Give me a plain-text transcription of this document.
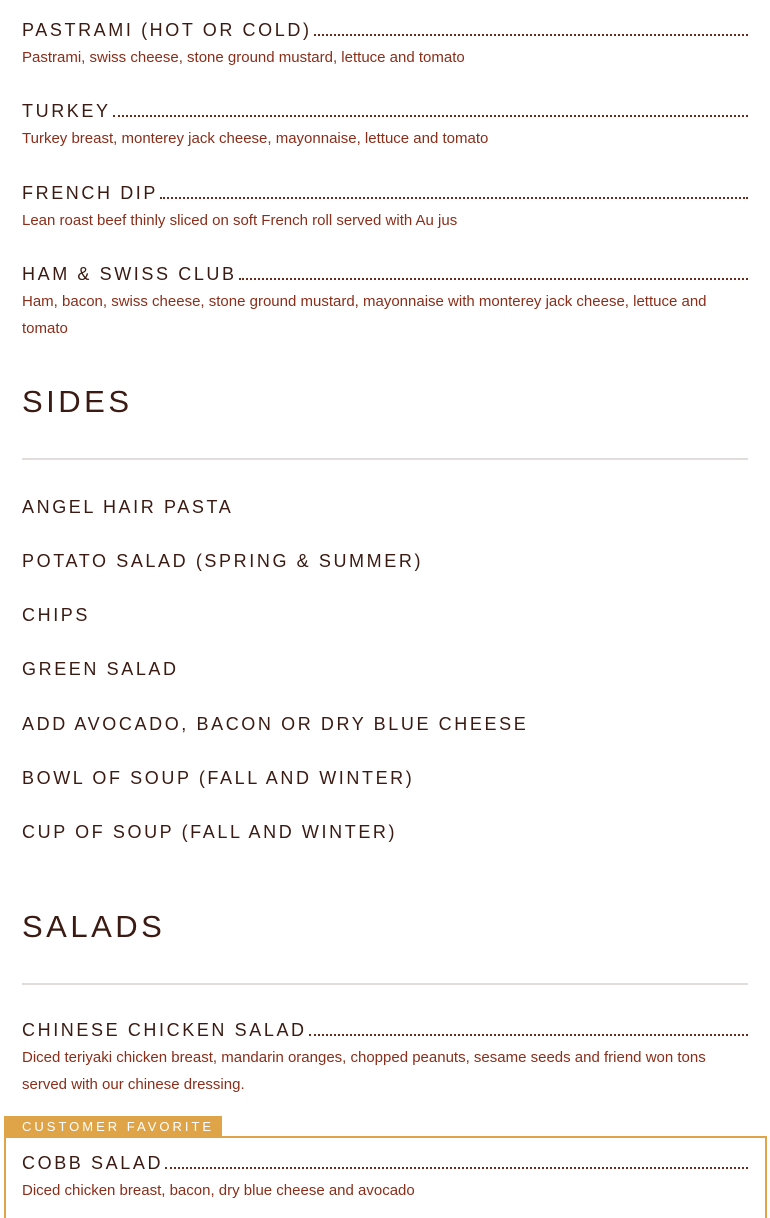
PASTRAMI (HOT OR COLD)
Pastrami, swiss cheese, stone ground mustard, lettuce and tomato
TURKEY
Turkey breast, monterey jack cheese, mayonnaise, lettuce and tomato
FRENCH DIP
Lean roast beef thinly sliced on soft French roll served with Au jus
HAM & SWISS CLUB
Ham, bacon, swiss cheese, stone ground mustard, mayonnaise with monterey jack cheese, lettuce and tomato
SIDES
ANGEL HAIR PASTA
POTATO SALAD (SPRING & SUMMER)
CHIPS
GREEN SALAD
ADD AVOCADO, BACON OR DRY BLUE CHEESE
BOWL OF SOUP (FALL AND WINTER)
CUP OF SOUP (FALL AND WINTER)
SALADS
CHINESE CHICKEN SALAD
Diced teriyaki chicken breast, mandarin oranges, chopped peanuts, sesame seeds and friend won tons served with our chinese dressing.
CUSTOMER FAVORITE
COBB SALAD
Diced chicken breast, bacon, dry blue cheese and avocado
